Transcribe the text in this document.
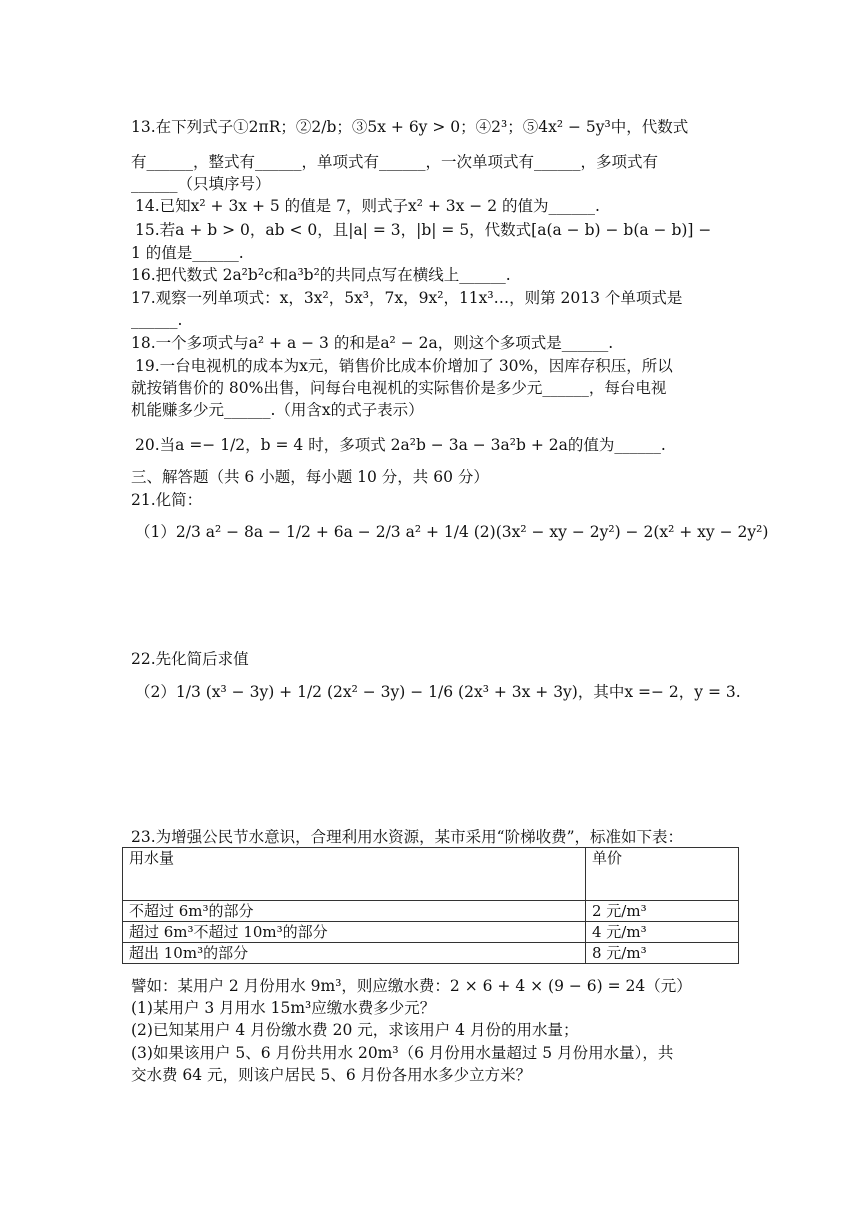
13.在下列式子①2πR；②2/b；③5x + 6y > 0；④2³；⑤4x² − 5y³中，代数式
有______，整式有______，单项式有______，一次单项式有______，多项式有
______（只填序号）
14.已知x² + 3x + 5 的值是 7，则式子x² + 3x − 2 的值为______.
15.若a + b > 0，ab < 0，且|a| = 3，|b| = 5，代数式[a(a − b) − b(a − b)] −
1 的值是______.
16.把代数式 2a²b²c和a³b²的共同点写在横线上______.
17.观察一列单项式：x，3x²，5x³，7x，9x²，11x³…，则第 2013 个单项式是
______.
18.一个多项式与a² + a − 3 的和是a² − 2a，则这个多项式是______.
19.一台电视机的成本为x元，销售价比成本价增加了 30%，因库存积压，所以
就按销售价的 80%出售，问每台电视机的实际售价是多少元______，每台电视
机能赚多少元______.（用含x的式子表示）
20.当a =− 1/2，b = 4 时，多项式 2a²b − 3a − 3a²b + 2a的值为______.
三、解答题（共 6 小题，每小题 10 分，共 60 分）
21.化简：
（1）2/3 a² − 8a − 1/2 + 6a − 2/3 a² + 1/4 (2)(3x² − xy − 2y²) − 2(x² + xy − 2y²)
22.先化简后求值
（2）1/3 (x³ − 3y) + 1/2 (2x² − 3y) − 1/6 (2x³ + 3x + 3y)，其中x =− 2，y = 3.
23.为增强公民节水意识，合理利用水资源，某市采用“阶梯收费”，标准如下表：
用水量	单价
不超过 6m³的部分	2 元/m³
超过 6m³不超过 10m³的部分	4 元/m³
超出 10m³的部分	8 元/m³
譬如：某用户 2 月份用水 9m³，则应缴水费：2 × 6 + 4 × (9 − 6) = 24（元）
(1)某用户 3 月用水 15m³应缴水费多少元？
(2)已知某用户 4 月份缴水费 20 元，求该用户 4 月份的用水量；
(3)如果该用户 5、6 月份共用水 20m³（6 月份用水量超过 5 月份用水量），共
交水费 64 元，则该户居民 5、6 月份各用水多少立方米？
